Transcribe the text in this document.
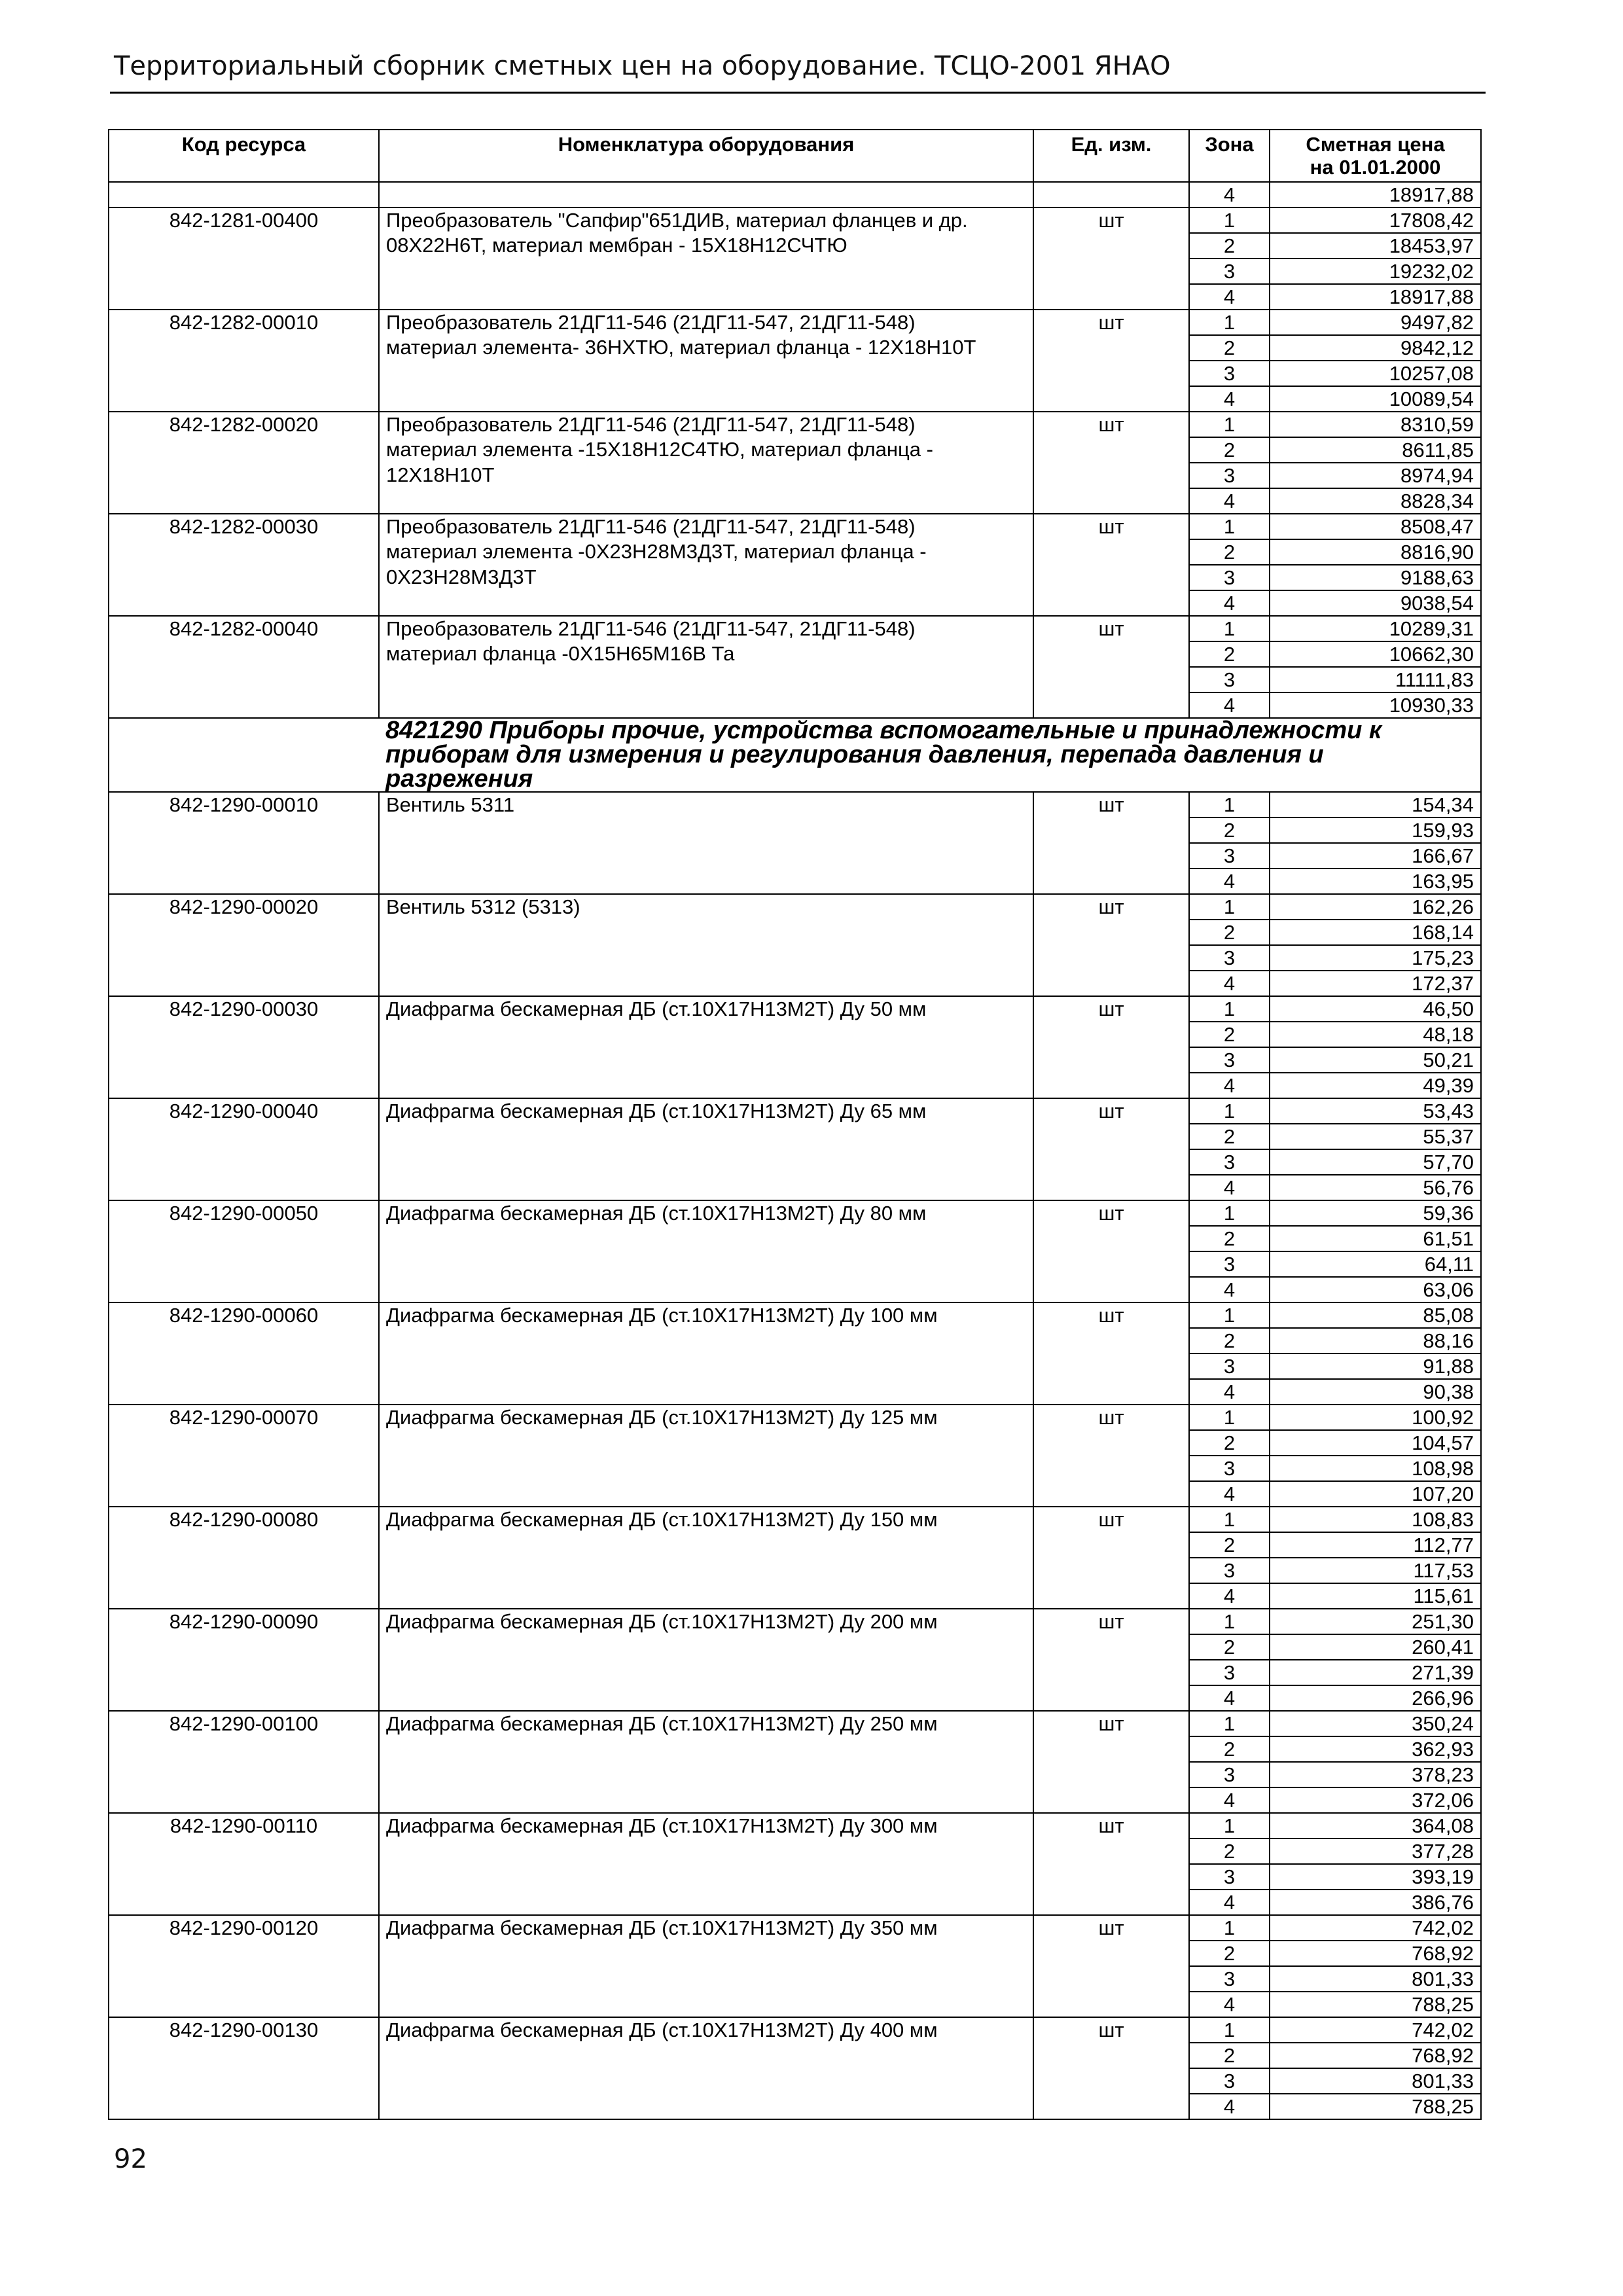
Территориальный сборник сметных цен на оборудование. ТСЦО-2001 ЯНАО
Код ресурса	Номенклатура оборудования	Ед. изм.	Зона	Сметная цена
на 01.01.2000

			4	18917,88
842-1281-00400	Преобразователь "Сапфир"651ДИВ, материал фланцев и др.	шт	1	17808,42

	08Х22Н6Т, материал мембран - 15Х18Н12СЧТЮ		2	18453,97
			3	19232,02
			4	18917,88
842-1282-00010	Преобразователь 21ДГ11-546 (21ДГ11-547, 21ДГ11-548)	шт	1	9497,82

	материал элемента- 36НХТЮ, материал фланца - 12Х18Н10Т		2	9842,12
			3	10257,08
			4	10089,54
842-1282-00020	Преобразователь 21ДГ11-546 (21ДГ11-547, 21ДГ11-548)	шт	1	8310,59

	материал элемента -15Х18Н12С4ТЮ, материал фланца -		2	8611,85

	12Х18Н10Т		3	8974,94
			4	8828,34
842-1282-00030	Преобразователь 21ДГ11-546 (21ДГ11-547, 21ДГ11-548)	шт	1	8508,47

	материал элемента -0Х23Н28М3Д3Т, материал фланца -		2	8816,90

	0Х23Н28М3Д3Т		3	9188,63
			4	9038,54
842-1282-00040	Преобразователь 21ДГ11-546 (21ДГ11-547, 21ДГ11-548)	шт	1	10289,31

	материал фланца -0Х15Н65М16В Та		2	10662,30
			3	11111,83
			4	10930,33
	8421290 Приборы прочие, устройства вспомогательные и принадлежности к приборам для измерения и регулирования давления, перепада давления и разрежения			
842-1290-00010	Вентиль 5311	шт	1	154,34
			2	159,93
			3	166,67
			4	163,95
842-1290-00020	Вентиль 5312 (5313)	шт	1	162,26
			2	168,14
			3	175,23
			4	172,37
842-1290-00030	Диафрагма бескамерная ДБ (ст.10Х17Н13М2Т) Ду 50 мм	шт	1	46,50
			2	48,18
			3	50,21
			4	49,39
842-1290-00040	Диафрагма бескамерная ДБ (ст.10Х17Н13М2Т) Ду 65 мм	шт	1	53,43
			2	55,37
			3	57,70
			4	56,76
842-1290-00050	Диафрагма бескамерная ДБ (ст.10Х17Н13М2Т) Ду 80 мм	шт	1	59,36
			2	61,51
			3	64,11
			4	63,06
842-1290-00060	Диафрагма бескамерная ДБ (ст.10Х17Н13М2Т) Ду 100 мм	шт	1	85,08
			2	88,16
			3	91,88
			4	90,38
842-1290-00070	Диафрагма бескамерная ДБ (ст.10Х17Н13М2Т) Ду 125 мм	шт	1	100,92
			2	104,57
			3	108,98
			4	107,20
842-1290-00080	Диафрагма бескамерная ДБ (ст.10Х17Н13М2Т) Ду 150 мм	шт	1	108,83
			2	112,77
			3	117,53
			4	115,61
842-1290-00090	Диафрагма бескамерная ДБ (ст.10Х17Н13М2Т) Ду 200 мм	шт	1	251,30
			2	260,41
			3	271,39
			4	266,96
842-1290-00100	Диафрагма бескамерная ДБ (ст.10Х17Н13М2Т) Ду 250 мм	шт	1	350,24
			2	362,93
			3	378,23
			4	372,06
842-1290-00110	Диафрагма бескамерная ДБ (ст.10Х17Н13М2Т) Ду 300 мм	шт	1	364,08
			2	377,28
			3	393,19
			4	386,76
842-1290-00120	Диафрагма бескамерная ДБ (ст.10Х17Н13М2Т) Ду 350 мм	шт	1	742,02
			2	768,92
			3	801,33
			4	788,25
842-1290-00130	Диафрагма бескамерная ДБ (ст.10Х17Н13М2Т) Ду 400 мм	шт	1	742,02
			2	768,92
			3	801,33
			4	788,25
92
